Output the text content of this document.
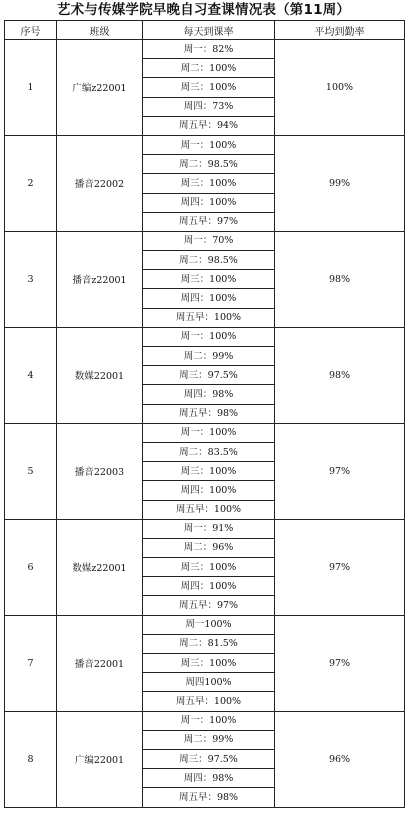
艺术与传媒学院早晚自习查课情况表（第11周）
序号	班级	每天到课率	平均到勤率
1	广编z22001	周一：82%	100%
		周二：100%	
		周三：100%	
		周四：73%	
		周五早：94%	
2	播音22002	周一：100%	99%
		周二：98.5%	
		周三：100%	
		周四：100%	
		周五早：97%	
3	播音z22001	周一：70%	98%
		周二：98.5%	
		周三：100%	
		周四：100%	
		周五早：100%	
4	数媒22001	周一：100%	98%
		周二：99%	
		周三：97.5%	
		周四：98%	
		周五早：98%	
5	播音22003	周一：100%	97%
		周二：83.5%	
		周三：100%	
		周四：100%	
		周五早：100%	
6	数媒z22001	周一：91%	97%
		周二：96%	
		周三：100%	
		周四：100%	
		周五早：97%	
7	播音22001	周一100%	97%
		周二：81.5%	
		周三：100%	
		周四100%	
		周五早：100%	
8	广编22001	周一：100%	96%
		周二：99%	
		周三：97.5%	
		周四：98%	
		周五早：98%	
